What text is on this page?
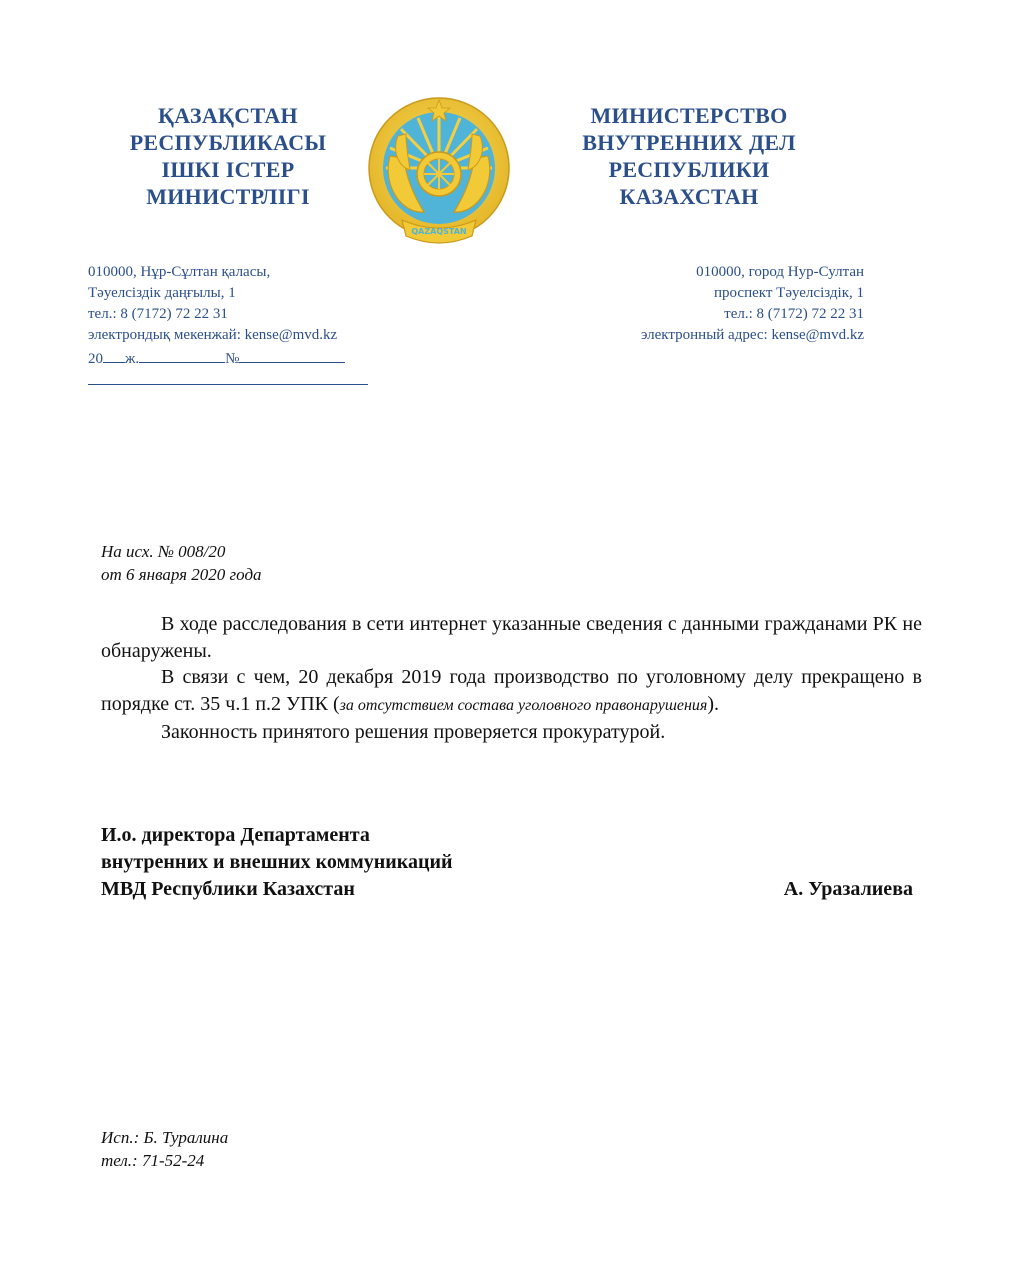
ҚАЗАҚСТАН
РЕСПУБЛИКАСЫ
ІШКІ ІСТЕР
МИНИСТРЛІГІ
QAZAQSTAN
МИНИСТЕРСТВО
ВНУТРЕННИХ ДЕЛ
РЕСПУБЛИКИ
КАЗАХСТАН
010000, Нұр-Сұлтан қаласы,
Тәуелсіздік даңғылы, 1
тел.: 8 (7172) 72 22 31
электрондық мекенжай: kense@mvd.kz
20 ж.	№
010000, город Нур-Султан
проспект Тәуелсіздік, 1
тел.: 8 (7172) 72 22 31
электронный адрес: kense@mvd.kz
На исх. № 008/20
от 6 января 2020 года

В ходе расследования в сети интернет указанные сведения с данными гражданами РК не обнаружены.

В связи с чем, 20 декабря 2019 года производство по уголовному делу прекращено в порядке ст. 35 ч.1 п.2 УПК (за отсутствием состава уголовного правонарушения).

Законность принятого решения проверяется прокуратурой.

И.о. директора Департамента
внутренних и внешних коммуникаций
МВД Республики Казахстан	А. Уразалиева
Исп.: Б. Туралина
тел.: 71-52-24
